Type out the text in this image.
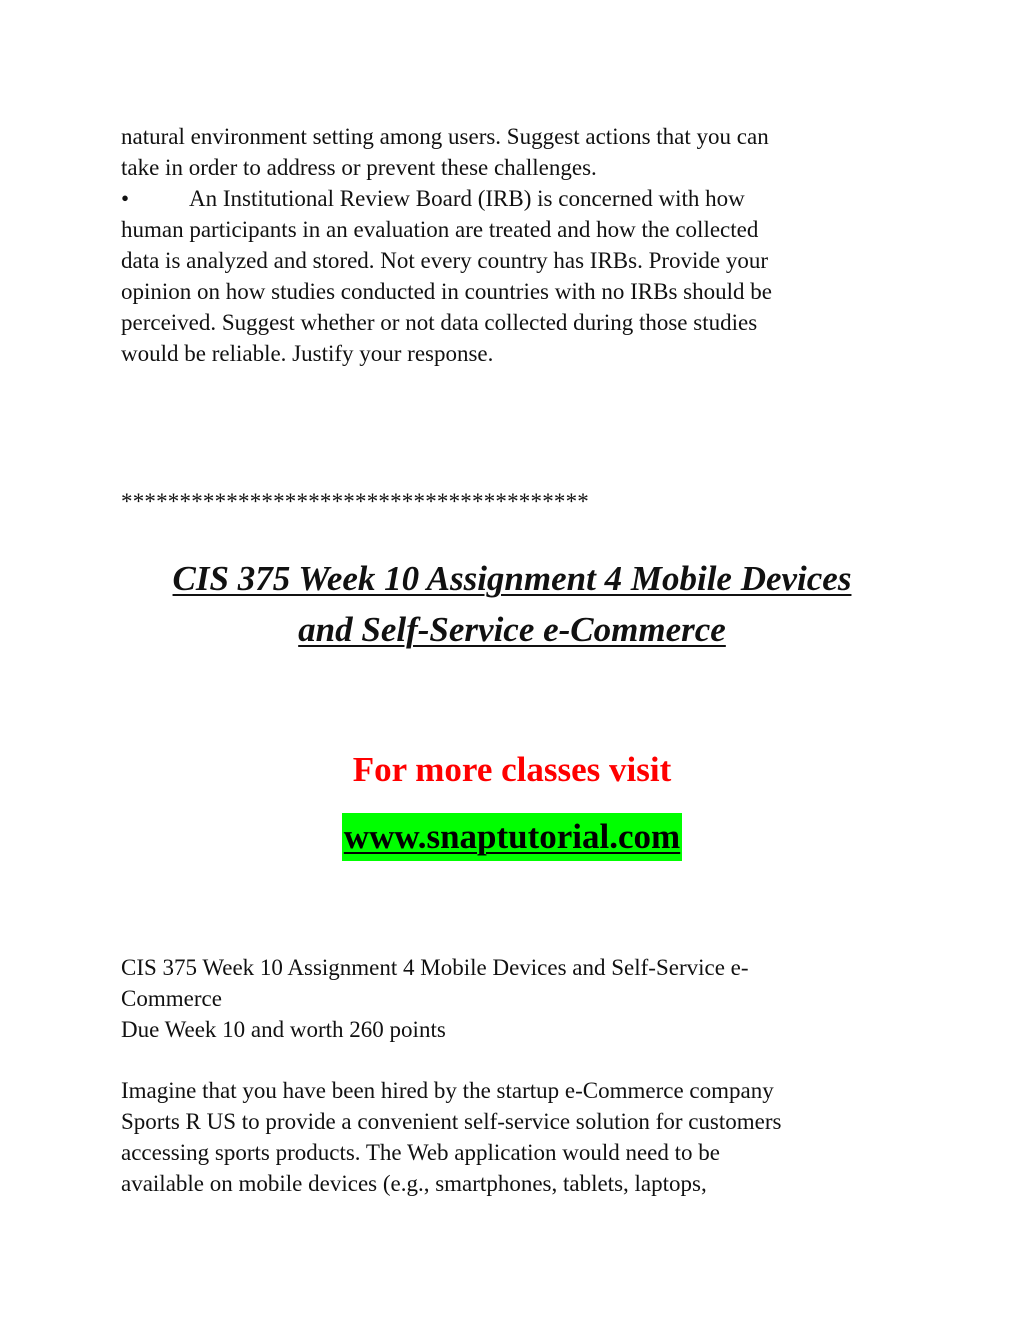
natural environment setting among users. Suggest actions that you can
take in order to address or prevent these challenges.
•	An Institutional Review Board (IRB) is concerned with how
human participants in an evaluation are treated and how the collected
data is analyzed and stored. Not every country has IRBs. Provide your
opinion on how studies conducted in countries with no IRBs should be
perceived. Suggest whether or not data collected during those studies
would be reliable. Justify your response.
****************************************
CIS 375 Week 10 Assignment 4 Mobile Devices
and Self-Service e-Commerce

For more classes visit

www.snaptutorial.com
CIS 375 Week 10 Assignment 4 Mobile Devices and Self-Service e-
Commerce
Due Week 10 and worth 260 points
Imagine that you have been hired by the startup e-Commerce company
Sports R US to provide a convenient self-service solution for customers
accessing sports products. The Web application would need to be
available on mobile devices (e.g., smartphones, tablets, laptops,
